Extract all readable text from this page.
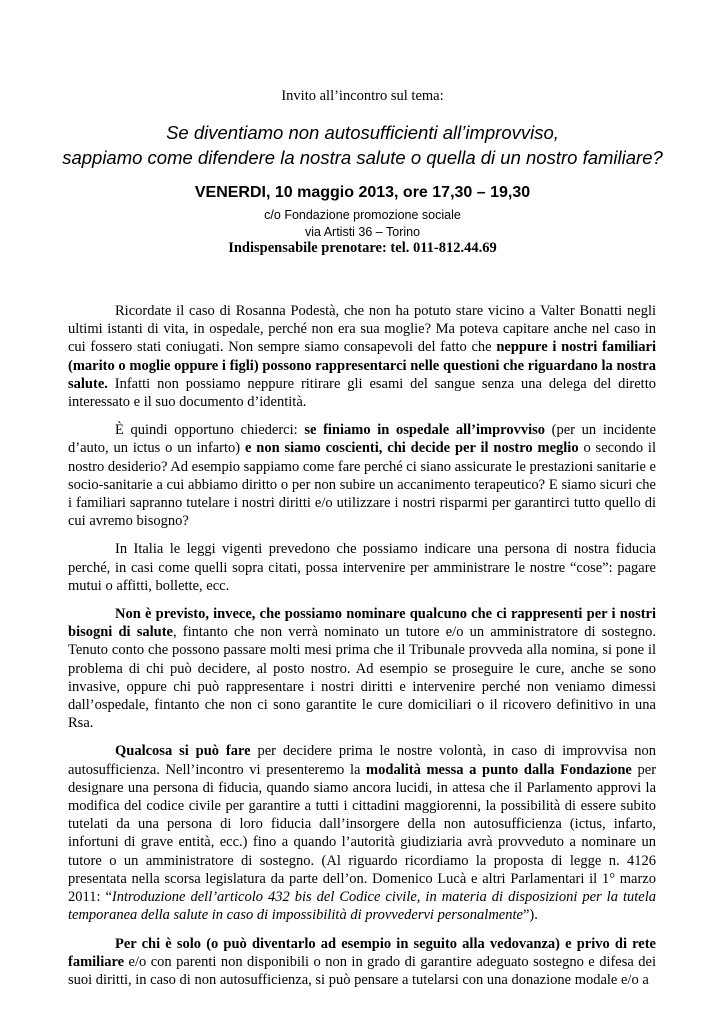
Invito all’incontro sul tema:
Se diventiamo non autosufficienti all’improvviso,
sappiamo come difendere la nostra salute o quella di un nostro familiare?
VENERDI, 10 maggio 2013, ore 17,30 – 19,30
c/o Fondazione promozione sociale
via Artisti 36 – Torino
Indispensabile prenotare: tel. 011-812.44.69

Ricordate il caso di Rosanna Podestà, che non ha potuto stare vicino a Valter Bonatti negli ultimi istanti di vita, in ospedale, perché non era sua moglie? Ma poteva capitare anche nel caso in cui fossero stati coniugati. Non sempre siamo consapevoli del fatto che neppure i nostri familiari (marito o moglie oppure i figli) possono rappresentarci nelle questioni che riguardano la nostra salute. Infatti non possiamo neppure ritirare gli esami del sangue senza una delega del diretto interessato e il suo documento d’identità.

È quindi opportuno chiederci: se finiamo in ospedale all’improvviso (per un incidente d’auto, un ictus o un infarto) e non siamo coscienti, chi decide per il nostro meglio o secondo il nostro desiderio? Ad esempio sappiamo come fare perché ci siano assicurate le prestazioni sanitarie e socio-sanitarie a cui abbiamo diritto o per non subire un accanimento terapeutico? E siamo sicuri che i familiari sapranno tutelare i nostri diritti e/o utilizzare i nostri risparmi per garantirci tutto quello di cui avremo bisogno?

In Italia le leggi vigenti prevedono che possiamo indicare una persona di nostra fiducia perché, in casi come quelli sopra citati, possa intervenire per amministrare le nostre “cose”: pagare mutui o affitti, bollette, ecc.

Non è previsto, invece, che possiamo nominare qualcuno che ci rappresenti per i nostri bisogni di salute, fintanto che non verrà nominato un tutore e/o un amministratore di sostegno. Tenuto conto che possono passare molti mesi prima che il Tribunale provveda alla nomina, si pone il problema di chi può decidere, al posto nostro. Ad esempio se proseguire le cure, anche se sono invasive, oppure chi può rappresentare i nostri diritti e intervenire perché non veniamo dimessi dall’ospedale, fintanto che non ci sono garantite le cure domiciliari o il ricovero definitivo in una Rsa.

Qualcosa si può fare per decidere prima le nostre volontà, in caso di improvvisa non autosufficienza. Nell’incontro vi presenteremo la modalità messa a punto dalla Fondazione per designare una persona di fiducia, quando siamo ancora lucidi, in attesa che il Parlamento approvi la modifica del codice civile per garantire a tutti i cittadini maggiorenni, la possibilità di essere subito tutelati da una persona di loro fiducia dall’insorgere della non autosufficienza (ictus, infarto, infortuni di grave entità, ecc.) fino a quando l’autorità giudiziaria avrà provveduto a nominare un tutore o un amministratore di sostegno. (Al riguardo ricordiamo la proposta di legge n. 4126 presentata nella scorsa legislatura da parte dell’on. Domenico Lucà e altri Parlamentari il 1° marzo 2011: “Introduzione dell’articolo 432 bis del Codice civile, in materia di disposizioni per la tutela temporanea della salute in caso di impossibilità di provvedervi personalmente”).

Per chi è solo (o può diventarlo ad esempio in seguito alla vedovanza) e privo di rete familiare e/o con parenti non disponibili o non in grado di garantire adeguato sostegno e difesa dei suoi diritti, in caso di non autosufficienza, si può pensare a tutelarsi con una donazione modale e/o a
